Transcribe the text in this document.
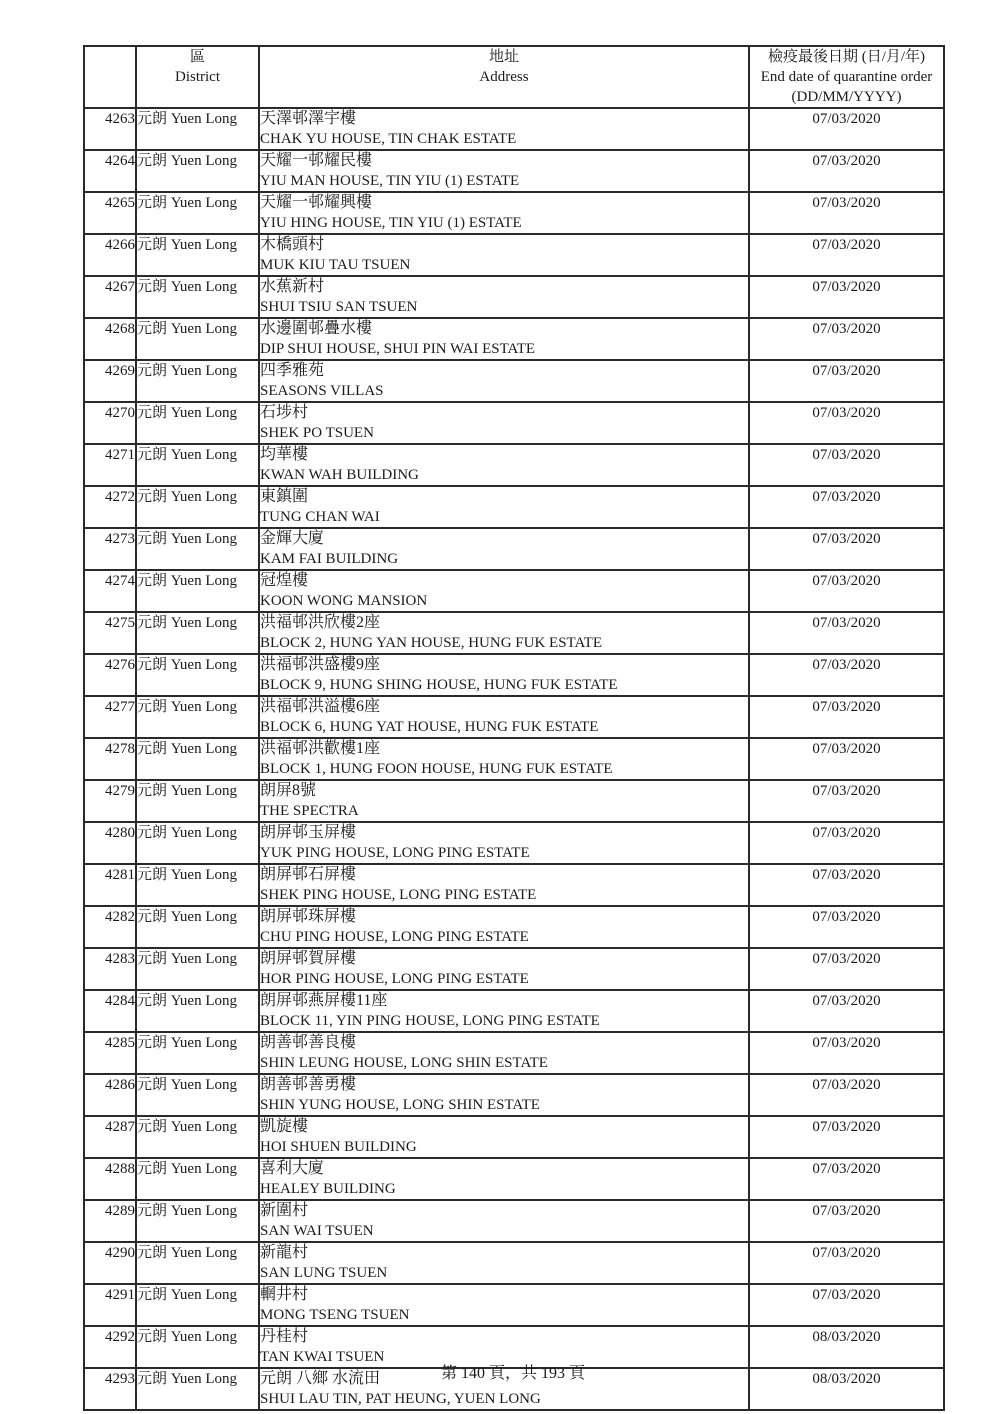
	區
District	地址
Address	檢疫最後日期 (日/月/年)
End date of quarantine order
(DD/MM/YYYY)

4263	元朗 Yuen Long	天澤邨澤宇樓
CHAK YU HOUSE, TIN CHAK ESTATE	07/03/2020
4264	元朗 Yuen Long	天耀一邨耀民樓
YIU MAN HOUSE, TIN YIU (1) ESTATE	07/03/2020
4265	元朗 Yuen Long	天耀一邨耀興樓
YIU HING HOUSE, TIN YIU (1) ESTATE	07/03/2020
4266	元朗 Yuen Long	木橋頭村
MUK KIU TAU TSUEN	07/03/2020
4267	元朗 Yuen Long	水蕉新村
SHUI TSIU SAN TSUEN	07/03/2020
4268	元朗 Yuen Long	水邊圍邨疊水樓
DIP SHUI HOUSE, SHUI PIN WAI ESTATE	07/03/2020
4269	元朗 Yuen Long	四季雅苑
SEASONS VILLAS	07/03/2020
4270	元朗 Yuen Long	石埗村
SHEK PO TSUEN	07/03/2020
4271	元朗 Yuen Long	均華樓
KWAN WAH BUILDING	07/03/2020
4272	元朗 Yuen Long	東鎮圍
TUNG CHAN WAI	07/03/2020
4273	元朗 Yuen Long	金輝大廈
KAM FAI BUILDING	07/03/2020
4274	元朗 Yuen Long	冠煌樓
KOON WONG MANSION	07/03/2020
4275	元朗 Yuen Long	洪福邨洪欣樓2座
BLOCK 2, HUNG YAN HOUSE, HUNG FUK ESTATE	07/03/2020
4276	元朗 Yuen Long	洪福邨洪盛樓9座
BLOCK 9, HUNG SHING HOUSE, HUNG FUK ESTATE	07/03/2020
4277	元朗 Yuen Long	洪福邨洪溢樓6座
BLOCK 6, HUNG YAT HOUSE, HUNG FUK ESTATE	07/03/2020
4278	元朗 Yuen Long	洪福邨洪歡樓1座
BLOCK 1, HUNG FOON HOUSE, HUNG FUK ESTATE	07/03/2020
4279	元朗 Yuen Long	朗屏8號
THE SPECTRA	07/03/2020
4280	元朗 Yuen Long	朗屏邨玉屏樓
YUK PING HOUSE, LONG PING ESTATE	07/03/2020
4281	元朗 Yuen Long	朗屏邨石屏樓
SHEK PING HOUSE, LONG PING ESTATE	07/03/2020
4282	元朗 Yuen Long	朗屏邨珠屏樓
CHU PING HOUSE, LONG PING ESTATE	07/03/2020
4283	元朗 Yuen Long	朗屏邨賀屏樓
HOR PING HOUSE, LONG PING ESTATE	07/03/2020
4284	元朗 Yuen Long	朗屏邨燕屏樓11座
BLOCK 11, YIN PING HOUSE, LONG PING ESTATE	07/03/2020
4285	元朗 Yuen Long	朗善邨善良樓
SHIN LEUNG HOUSE, LONG SHIN ESTATE	07/03/2020
4286	元朗 Yuen Long	朗善邨善勇樓
SHIN YUNG HOUSE, LONG SHIN ESTATE	07/03/2020
4287	元朗 Yuen Long	凱旋樓
HOI SHUEN BUILDING	07/03/2020
4288	元朗 Yuen Long	喜利大廈
HEALEY BUILDING	07/03/2020
4289	元朗 Yuen Long	新圍村
SAN WAI TSUEN	07/03/2020
4290	元朗 Yuen Long	新龍村
SAN LUNG TSUEN	07/03/2020
4291	元朗 Yuen Long	輞井村
MONG TSENG TSUEN	07/03/2020
4292	元朗 Yuen Long	丹桂村
TAN KWAI TSUEN	08/03/2020
4293	元朗 Yuen Long	元朗 八鄉 水流田
SHUI LAU TIN, PAT HEUNG, YUEN LONG	08/03/2020
第 140 頁，共 193 頁
